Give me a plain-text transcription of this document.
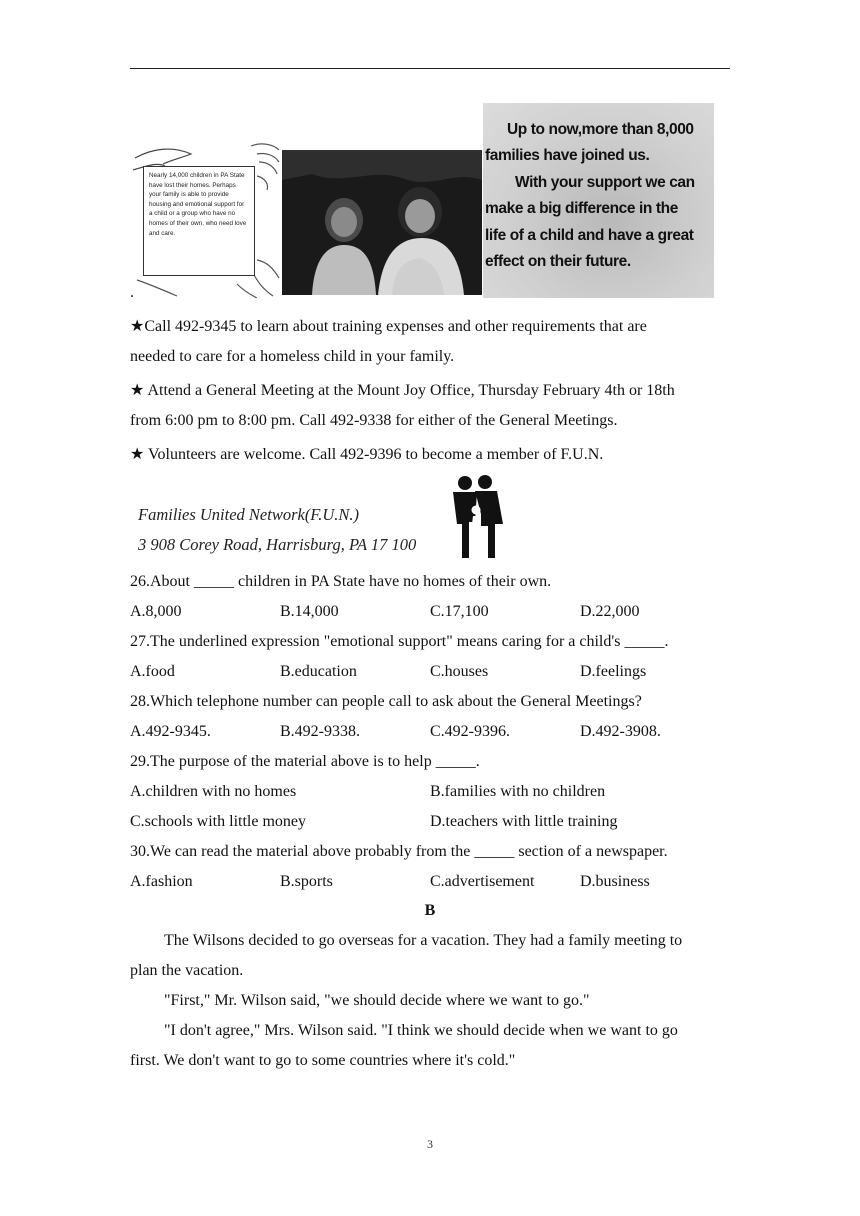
Nearly 14,000 children in PA State have lost their homes. Perhaps your family is able to provide housing and emotional support for a child or a group who have no homes of their own, who need love and care.
.
Up to now,more than 8,000
families have joined us.
With your support we can
make a big difference in the
life of a child and have a great
effect on their future.
★Call 492-9345 to learn about training expenses and other requirements that are
needed to care for a homeless child in your family.
★ Attend a General Meeting at the Mount Joy Office, Thursday February 4th or 18th
from 6:00 pm to 8:00 pm. Call 492-9338 for either of the General Meetings.
★ Volunteers are welcome. Call 492-9396 to become a member of F.U.N.
Families United Network(F.U.N.)
3 908 Corey Road, Harrisburg, PA 17 100
26.About _____ children in PA State have no homes of their own.
A.8,000	B.14,000	C.17,100	D.22,000
27.The underlined expression "emotional support" means caring for a child's _____.
A.food	B.education	C.houses	D.feelings
28.Which telephone number can people call to ask about the General Meetings?
A.492-9345.	B.492-9338.	C.492-9396.	D.492-3908.
29.The purpose of the material above is to help _____.
A.children with no homes	B.families with no children
C.schools with little money	D.teachers with little training
30.We can read the material above probably from the _____ section of a newspaper.
A.fashion	B.sports	C.advertisement	D.business
B
The Wilsons decided to go overseas for a vacation. They had a family meeting to
plan the vacation.
"First," Mr. Wilson said, "we should decide where we want to go."
"I don't agree," Mrs. Wilson said. "I think we should decide when we want to go
first. We don't want to go to some countries where it's cold."
3
